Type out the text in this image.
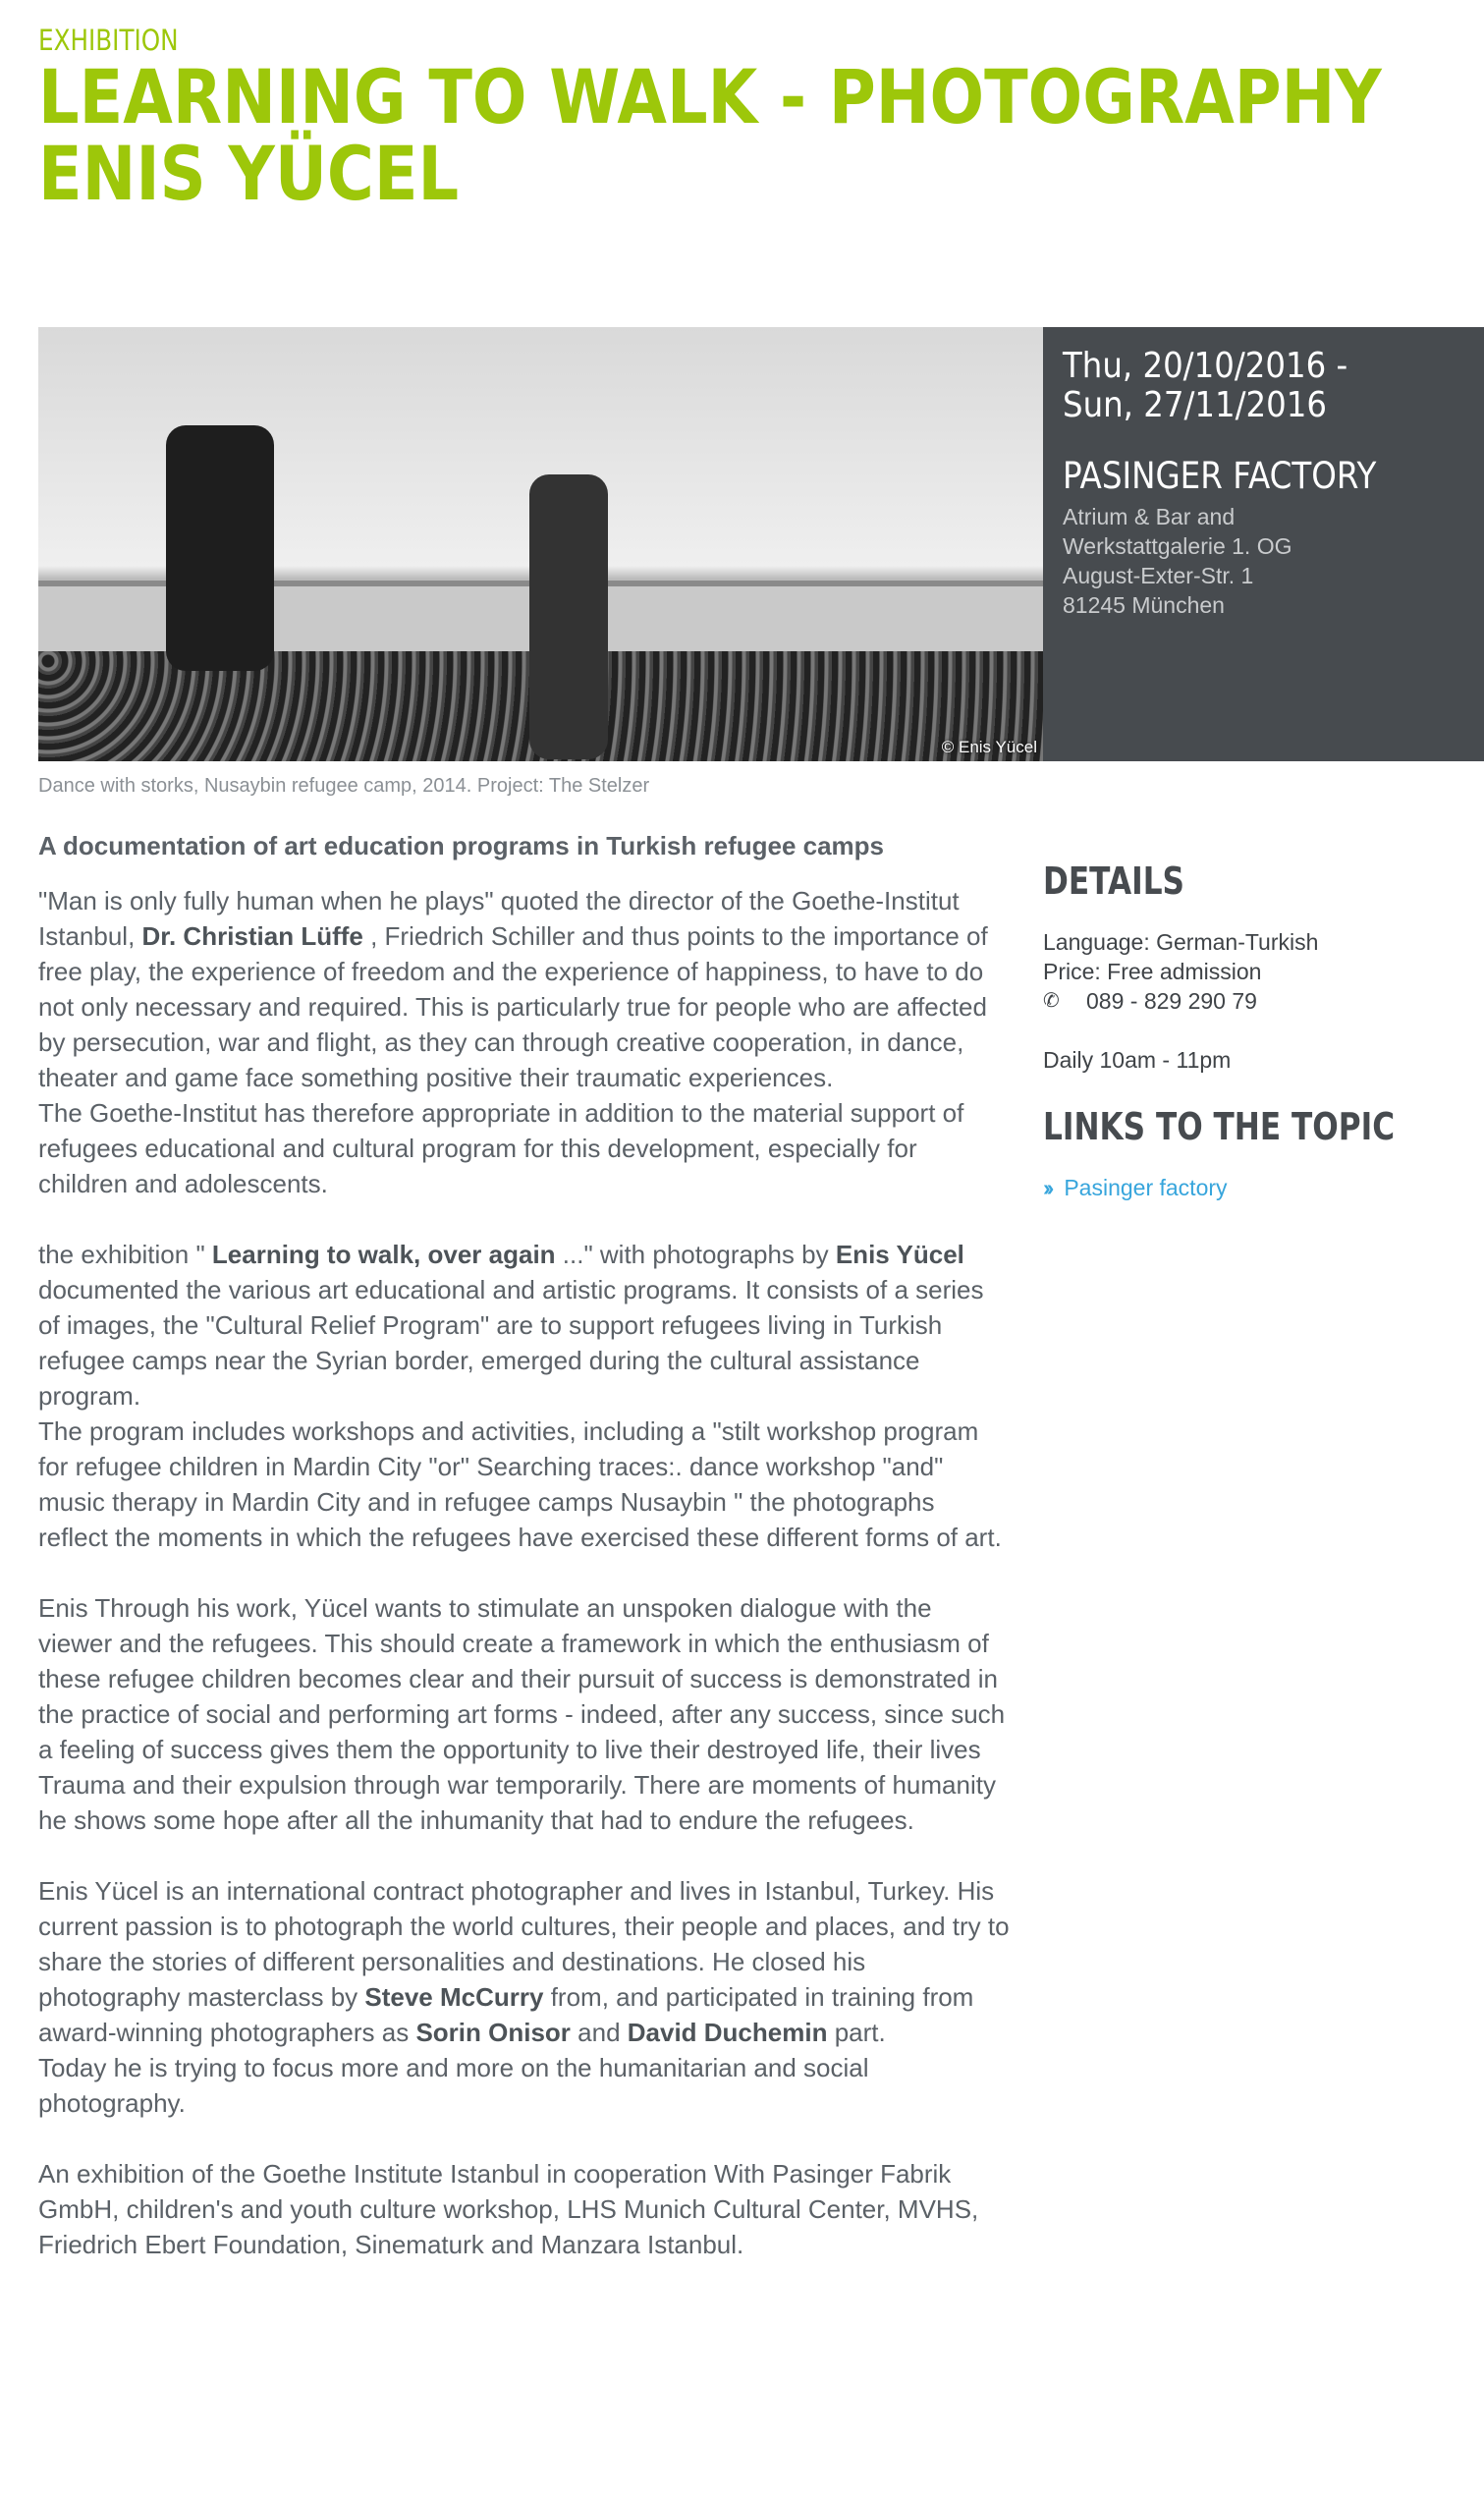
EXHIBITION
LEARNING TO WALK - PHOTOGRAPHY
ENIS YÜCEL
© Enis Yücel
Thu, 20/10/2016 -
Sun, 27/11/2016
PASINGER FACTORY
Atrium & Bar and Werkstattgalerie 1. OG
August-Exter-Str. 1
81245 München
Dance with storks, Nusaybin refugee camp, 2014. Project: The Stelzer
A documentation of art education programs in Turkish refugee camps

"Man is only fully human when he plays" quoted the director of the Goethe-Institut Istanbul, Dr. Christian Lüffe , Friedrich Schiller and thus points to the importance of free play, the experience of freedom and the experience of happiness, to have to do not only necessary and required. This is particularly true for people who are affected by persecution, war and flight, as they can through creative cooperation, in dance, theater and game face something positive their traumatic experiences.
The Goethe-Institut has therefore appropriate in addition to the material support of refugees educational and cultural program for this development, especially for children and adolescents.

the exhibition " Learning to walk, over again ..." with photographs by Enis Yücel documented the various art educational and artistic programs. It consists of a series of images, the "Cultural Relief Program" are to support refugees living in Turkish refugee camps near the Syrian border, emerged during the cultural assistance program.
The program includes workshops and activities, including a "stilt workshop program for refugee children in Mardin City "or" Searching traces:. dance workshop "and" music therapy in Mardin City and in refugee camps Nusaybin " the photographs reflect the moments in which the refugees have exercised these different forms of art.

Enis Through his work, Yücel wants to stimulate an unspoken dialogue with the viewer and the refugees. This should create a framework in which the enthusiasm of these refugee children becomes clear and their pursuit of success is demonstrated in the practice of social and performing art forms - indeed, after any success, since such a feeling of success gives them the opportunity to live their destroyed life, their lives Trauma and their expulsion through war temporarily. There are moments of humanity he shows some hope after all the inhumanity that had to endure the refugees.

Enis Yücel is an international contract photographer and lives in Istanbul, Turkey. His current passion is to photograph the world cultures, their people and places, and try to share the stories of different personalities and destinations. He closed his photography masterclass by Steve McCurry from, and participated in training from award-winning photographers as Sorin Onisor and David Duchemin part.
Today he is trying to focus more and more on the humanitarian and social photography.

An exhibition of the Goethe Institute Istanbul in cooperation With Pasinger Fabrik GmbH, children's and youth culture workshop, LHS Munich Cultural Center, MVHS, Friedrich Ebert Foundation, Sinematurk and Manzara Istanbul.

DETAILS
Language: German-Turkish
Price: Free admission
✆	089 - 829 290 79
Daily 10am - 11pm
LINKS TO THE TOPIC
›› Pasinger factory
